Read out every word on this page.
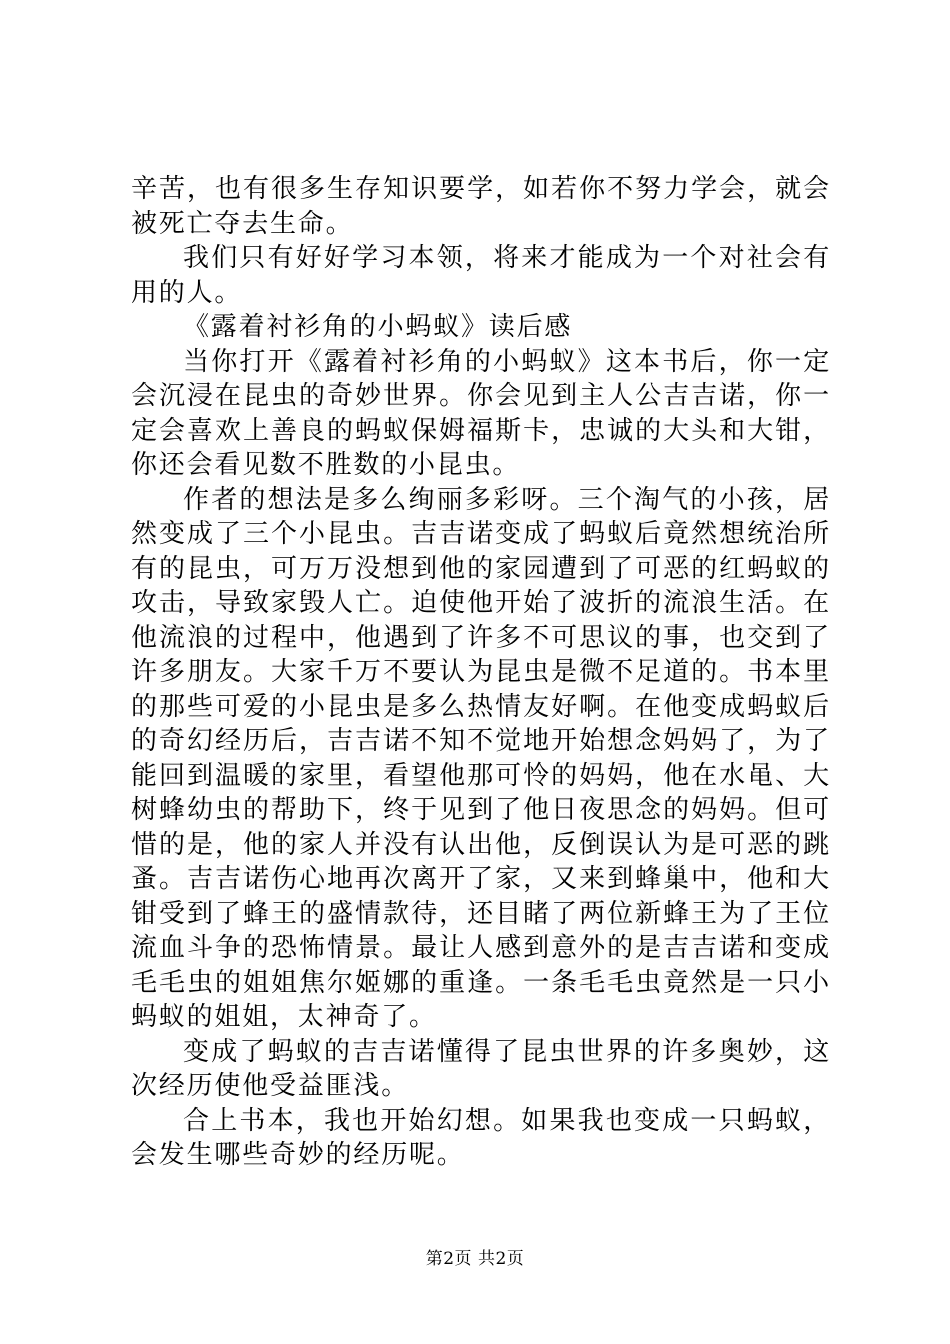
辛苦，也有很多生存知识要学，如若你不努力学会，就会被死亡夺去生命。

我们只有好好学习本领，将来才能成为一个对社会有用的人。

《露着衬衫角的小蚂蚁》读后感

当你打开《露着衬衫角的小蚂蚁》这本书后，你一定会沉浸在昆虫的奇妙世界。你会见到主人公吉吉诺，你一定会喜欢上善良的蚂蚁保姆福斯卡，忠诚的大头和大钳，你还会看见数不胜数的小昆虫。

作者的想法是多么绚丽多彩呀。三个淘气的小孩，居然变成了三个小昆虫。吉吉诺变成了蚂蚁后竟然想统治所有的昆虫，可万万没想到他的家园遭到了可恶的红蚂蚁的攻击，导致家毁人亡。迫使他开始了波折的流浪生活。在他流浪的过程中，他遇到了许多不可思议的事，也交到了许多朋友。大家千万不要认为昆虫是微不足道的。书本里的那些可爱的小昆虫是多么热情友好啊。在他变成蚂蚁后的奇幻经历后，吉吉诺不知不觉地开始想念妈妈了，为了能回到温暖的家里，看望他那可怜的妈妈，他在水黾、大树蜂幼虫的帮助下，终于见到了他日夜思念的妈妈。但可惜的是，他的家人并没有认出他，反倒误认为是可恶的跳蚤。吉吉诺伤心地再次离开了家，又来到蜂巢中，他和大钳受到了蜂王的盛情款待，还目睹了两位新蜂王为了王位流血斗争的恐怖情景。最让人感到意外的是吉吉诺和变成毛毛虫的姐姐焦尔姬娜的重逢。一条毛毛虫竟然是一只小蚂蚁的姐姐，太神奇了。

变成了蚂蚁的吉吉诺懂得了昆虫世界的许多奥妙，这次经历使他受益匪浅。

合上书本，我也开始幻想。如果我也变成一只蚂蚁，会发生哪些奇妙的经历呢。

第2页 共2页
